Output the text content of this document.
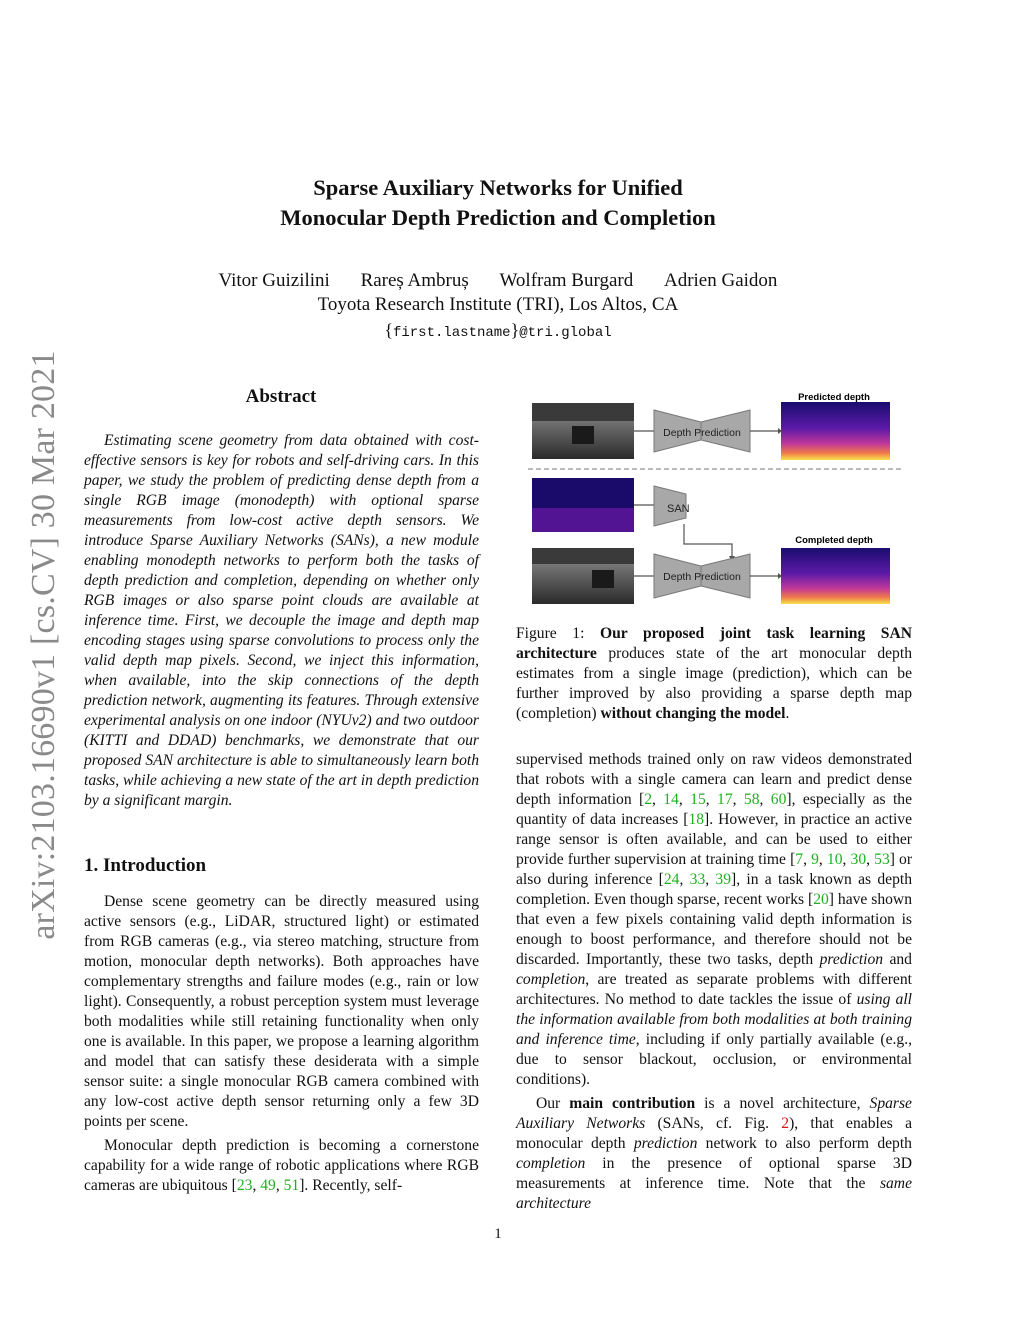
arXiv:2103.16690v1 [cs.CV] 30 Mar 2021
Sparse Auxiliary Networks for Unified
Monocular Depth Prediction and Completion
Vitor Guizilini Rareș Ambruș Wolfram Burgard Adrien Gaidon
Toyota Research Institute (TRI), Los Altos, CA
{first.lastname}@tri.global
Abstract
Estimating scene geometry from data obtained with cost-effective sensors is key for robots and self-driving cars. In this paper, we study the problem of predicting dense depth from a single RGB image (monodepth) with optional sparse measurements from low-cost active depth sensors. We introduce Sparse Auxiliary Networks (SANs), a new module enabling monodepth networks to perform both the tasks of depth prediction and completion, depending on whether only RGB images or also sparse point clouds are available at inference time. First, we decouple the image and depth map encoding stages using sparse convolutions to process only the valid depth map pixels. Second, we inject this information, when available, into the skip connections of the depth prediction network, augmenting its features. Through extensive experimental analysis on one indoor (NYUv2) and two outdoor (KITTI and DDAD) benchmarks, we demonstrate that our proposed SAN architecture is able to simultaneously learn both tasks, while achieving a new state of the art in depth prediction by a significant margin.
1. Introduction
Dense scene geometry can be directly measured using active sensors (e.g., LiDAR, structured light) or estimated from RGB cameras (e.g., via stereo matching, structure from motion, monocular depth networks). Both approaches have complementary strengths and failure modes (e.g., rain or low light). Consequently, a robust perception system must leverage both modalities while still retaining functionality when only one is available. In this paper, we propose a learning algorithm and model that can satisfy these desiderata with a simple sensor suite: a single monocular RGB camera combined with any low-cost active depth sensor returning only a few 3D points per scene.
Monocular depth prediction is becoming a cornerstone capability for a wide range of robotic applications where RGB cameras are ubiquitous [23, 49, 51]. Recently, self-
Predicted depth
Depth Prediction
SAN
Completed depth
Depth Prediction
Figure 1: Our proposed joint task learning SAN architecture produces state of the art monocular depth estimates from a single image (prediction), which can be further improved by also providing a sparse depth map (completion) without changing the model.
supervised methods trained only on raw videos demonstrated that robots with a single camera can learn and predict dense depth information [2, 14, 15, 17, 58, 60], especially as the quantity of data increases [18]. However, in practice an active range sensor is often available, and can be used to either provide further supervision at training time [7, 9, 10, 30, 53] or also during inference [24, 33, 39], in a task known as depth completion. Even though sparse, recent works [20] have shown that even a few pixels containing valid depth information is enough to boost performance, and therefore should not be discarded. Importantly, these two tasks, depth prediction and completion, are treated as separate problems with different architectures. No method to date tackles the issue of using all the information available from both modalities at both training and inference time, including if only partially available (e.g., due to sensor blackout, occlusion, or environmental conditions).
Our main contribution is a novel architecture, Sparse Auxiliary Networks (SANs, cf. Fig. 2), that enables a monocular depth prediction network to also perform depth completion in the presence of optional sparse 3D measurements at inference time. Note that the same architecture
1
